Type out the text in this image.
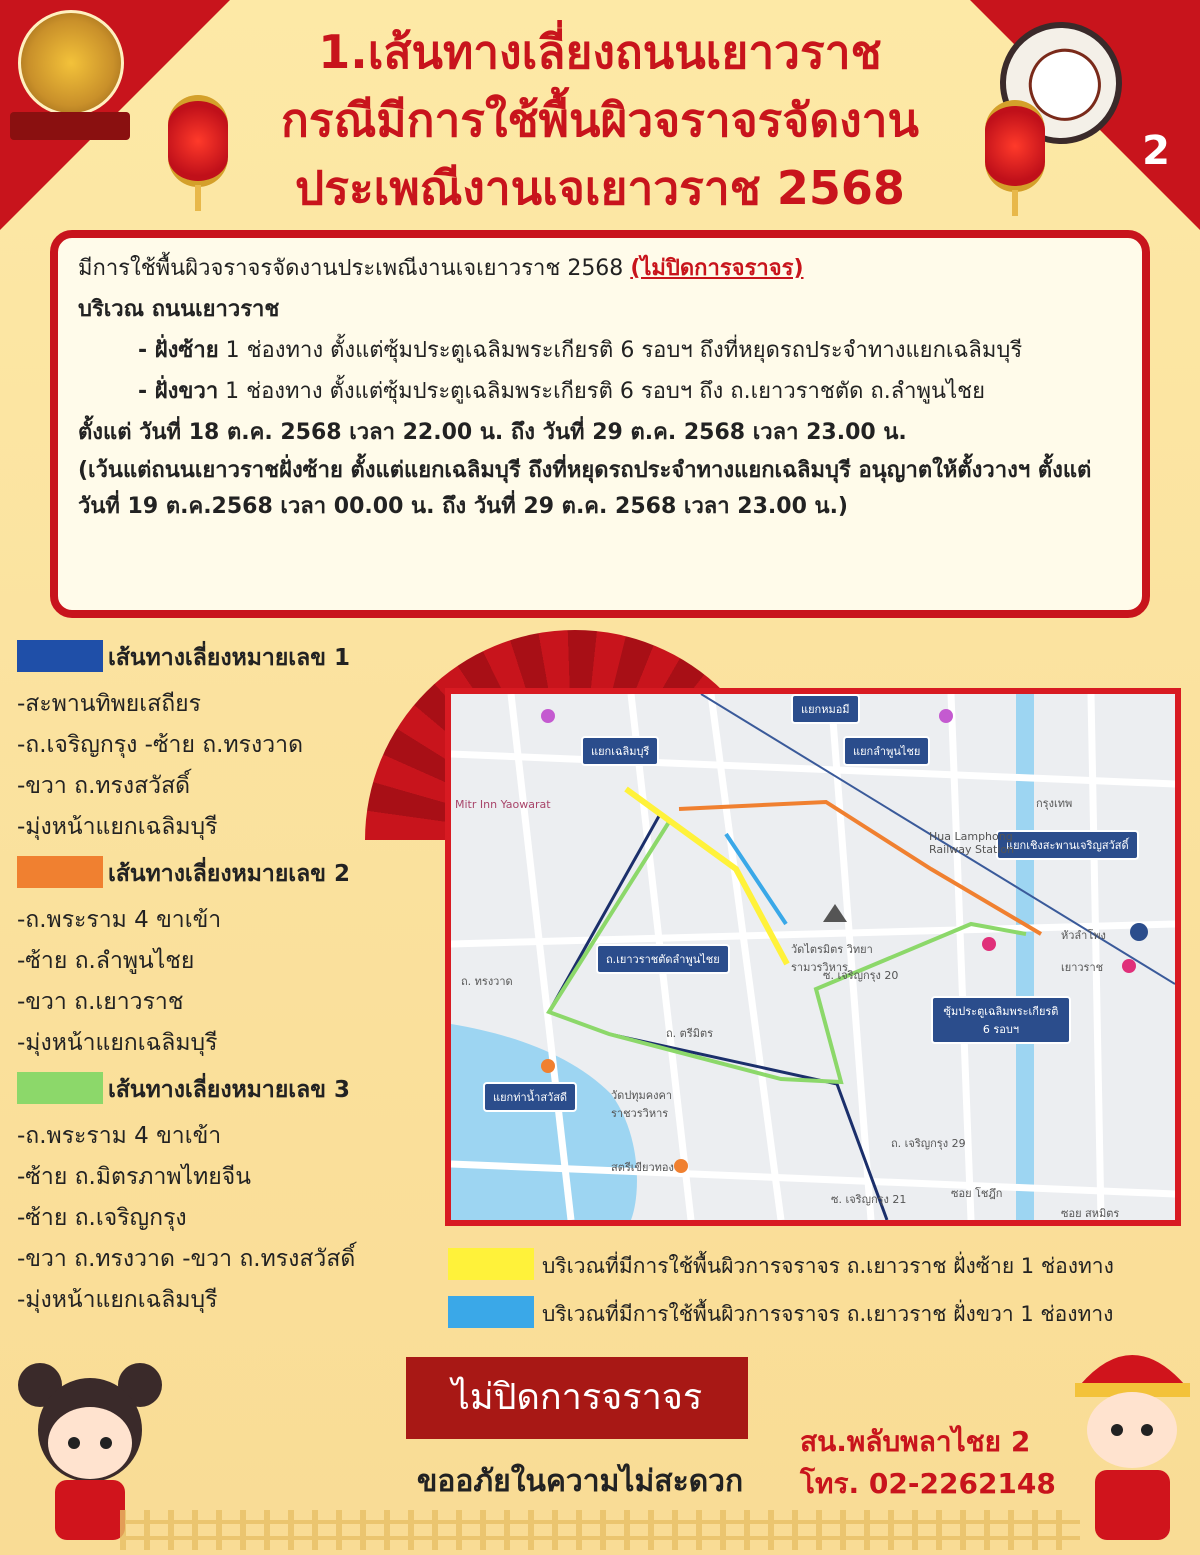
2
1.เส้นทางเลี่ยงถนนเยาวราช
กรณีมีการใช้พื้นผิวจราจรจัดงาน
ประเพณีงานเจเยาวราช 2568
มีการใช้พื้นผิวจราจรจัดงานประเพณีงานเจเยาวราช 2568 (ไม่ปิดการจราจร)
บริเวณ ถนนเยาวราช
- ฝั่งซ้าย 1 ช่องทาง ตั้งแต่ซุ้มประตูเฉลิมพระเกียรติ 6 รอบฯ ถึงที่หยุดรถประจำทางแยกเฉลิมบุรี
- ฝั่งขวา 1 ช่องทาง ตั้งแต่ซุ้มประตูเฉลิมพระเกียรติ 6 รอบฯ ถึง ถ.เยาวราชตัด ถ.ลำพูนไชย
ตั้งแต่ วันที่ 18 ต.ค. 2568 เวลา 22.00 น. ถึง วันที่ 29 ต.ค. 2568 เวลา 23.00 น.
(เว้นแต่ถนนเยาวราชฝั่งซ้าย ตั้งแต่แยกเฉลิมบุรี ถึงที่หยุดรถประจำทางแยกเฉลิมบุรี อนุญาตให้ตั้งวางฯ ตั้งแต่ วันที่ 19 ต.ค.2568 เวลา 00.00 น. ถึง วันที่ 29 ต.ค. 2568 เวลา 23.00 น.)
เส้นทางเลี่ยงหมายเลข 1
-สะพานทิพยเสถียร
-ถ.เจริญกรุง -ซ้าย ถ.ทรงวาด
-ขวา ถ.ทรงสวัสดิ์
-มุ่งหน้าแยกเฉลิมบุรี
เส้นทางเลี่ยงหมายเลข 2
-ถ.พระราม 4 ขาเข้า
-ซ้าย ถ.ลำพูนไชย
-ขวา ถ.เยาวราช
-มุ่งหน้าแยกเฉลิมบุรี
เส้นทางเลี่ยงหมายเลข 3
-ถ.พระราม 4 ขาเข้า
-ซ้าย ถ.มิตรภาพไทยจีน
-ซ้าย ถ.เจริญกรุง
-ขวา ถ.ทรงวาด -ขวา ถ.ทรงสวัสดิ์
-มุ่งหน้าแยกเฉลิมบุรี
แยกหมอมี
แยกเฉลิมบุรี	แยกลำพูนไชย
แยกเชิงสะพานเจริญสวัสดิ์
ถ.เยาวราชตัดลำพูนไชย
ซุ้มประตูเฉลิมพระเกียรติ 6 รอบฯ
แยกท่าน้ำสวัสดี
Mitr Inn Yaowarat	กรุงเทพ
Hua Lamphong Railway Station
หัวลำโพง
วัดไตรมิตร วิทยารามวรวิหาร	เยาวราช
ถ. ทรงวาด
ถ. ตรีมิตร
ถ. เจริญกรุง 29
ซ. เจริญกรุง 20
ซอย โชฎึก
ซ. เจริญกรุง 21
ซอย สหมิตร
วัดปทุมคงคา ราชวรวิหาร
สตรีเขียวทอง
บริเวณที่มีการใช้พื้นผิวการจราจร ถ.เยาวราช ฝั่งซ้าย 1 ช่องทาง
บริเวณที่มีการใช้พื้นผิวการจราจร ถ.เยาวราช ฝั่งขวา 1 ช่องทาง
ไม่ปิดการจราจร
ขออภัยในความไม่สะดวก
สน.พลับพลาไชย 2
โทร. 02-2262148
